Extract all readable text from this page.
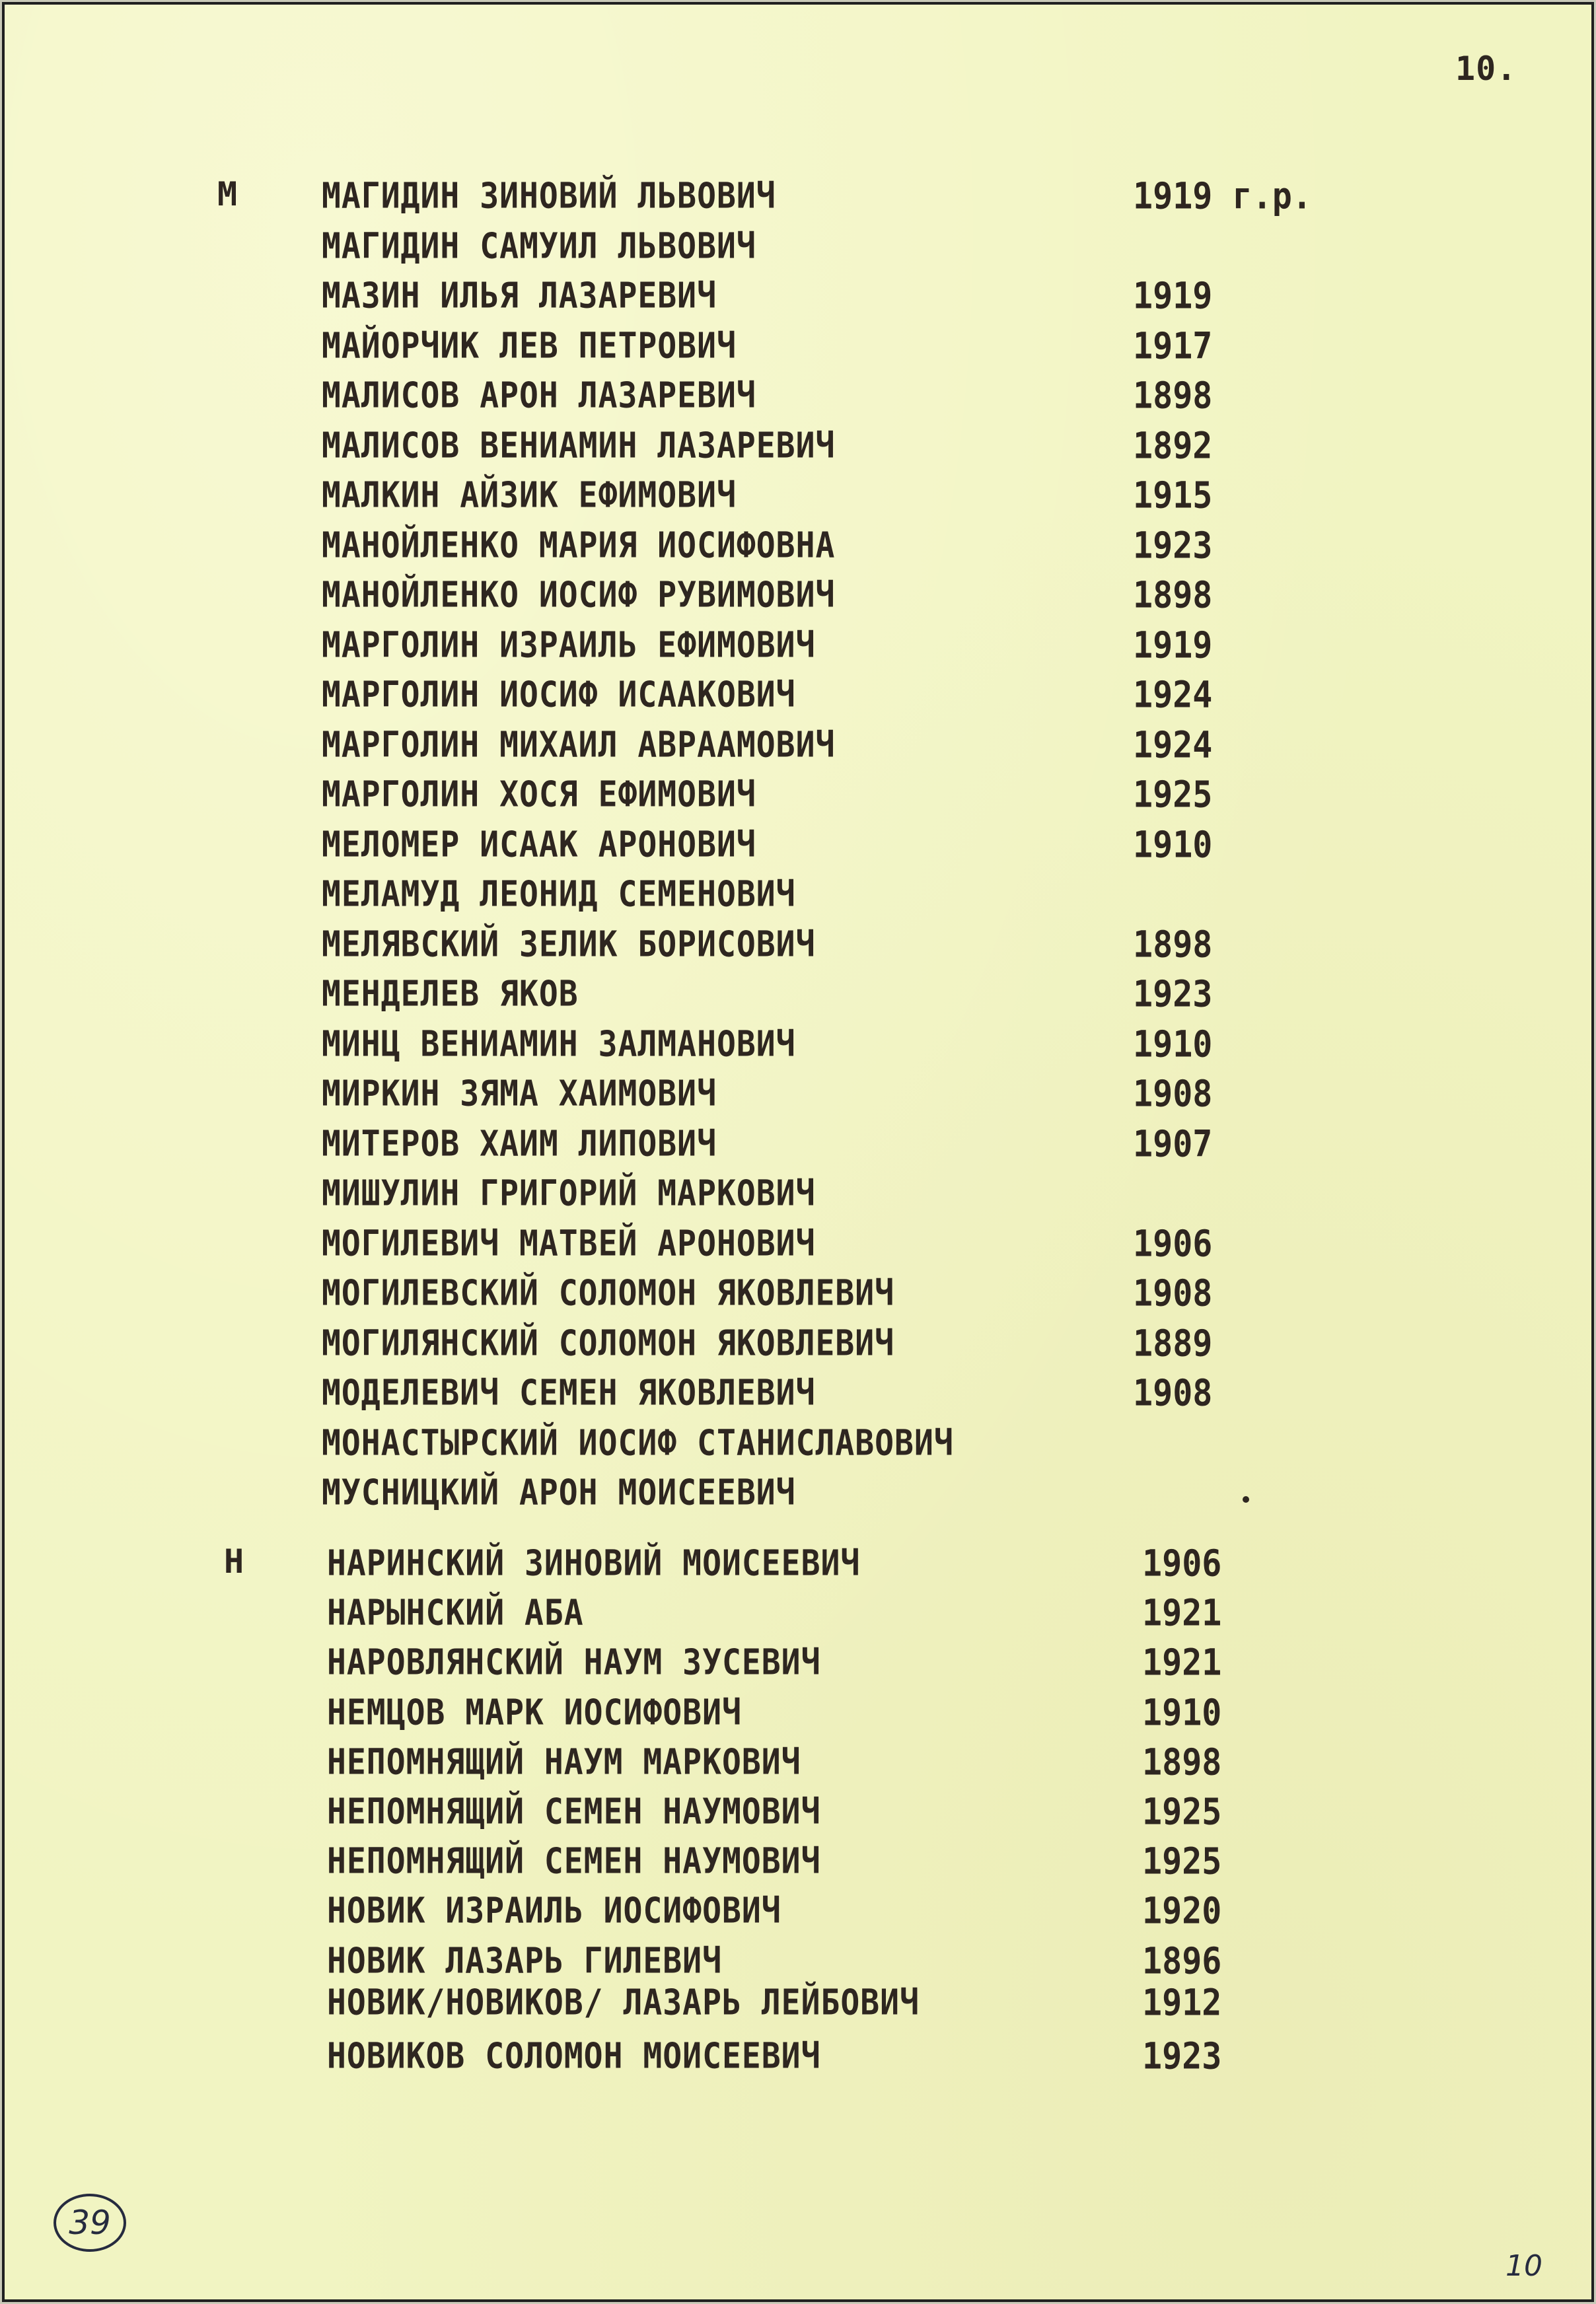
10.
М	МАГИДИН ЗИНОВИЙ ЛЬВОВИЧ	1919 г.р.
МАГИДИН САМУИЛ ЛЬВОВИЧ
МАЗИН ИЛЬЯ ЛАЗАРЕВИЧ	1919
МАЙОРЧИК ЛЕВ ПЕТРОВИЧ	1917
МАЛИСОВ АРОН ЛАЗАРЕВИЧ	1898
МАЛИСОВ ВЕНИАМИН ЛАЗАРЕВИЧ	1892
МАЛКИН АЙЗИК ЕФИМОВИЧ	1915
МАНОЙЛЕНКО МАРИЯ ИОСИФОВНА	1923
МАНОЙЛЕНКО ИОСИФ РУВИМОВИЧ	1898
МАРГОЛИН ИЗРАИЛЬ ЕФИМОВИЧ	1919
МАРГОЛИН ИОСИФ ИСААКОВИЧ	1924
МАРГОЛИН МИХАИЛ АВРААМОВИЧ	1924
МАРГОЛИН ХОСЯ ЕФИМОВИЧ	1925
МЕЛОМЕР ИСААК АРОНОВИЧ	1910
МЕЛАМУД ЛЕОНИД СЕМЕНОВИЧ
МЕЛЯВСКИЙ ЗЕЛИК БОРИСОВИЧ	1898
МЕНДЕЛЕВ ЯКОВ	1923
МИНЦ ВЕНИАМИН ЗАЛМАНОВИЧ	1910
МИРКИН ЗЯМА ХАИМОВИЧ	1908
МИТЕРОВ ХАИМ ЛИПОВИЧ	1907
МИШУЛИН ГРИГОРИЙ МАРКОВИЧ
МОГИЛЕВИЧ МАТВЕЙ АРОНОВИЧ	1906
МОГИЛЕВСКИЙ СОЛОМОН ЯКОВЛЕВИЧ	1908
МОГИЛЯНСКИЙ СОЛОМОН ЯКОВЛЕВИЧ	1889
МОДЕЛЕВИЧ СЕМЕН ЯКОВЛЕВИЧ	1908
МОНАСТЫРСКИЙ ИОСИФ СТАНИСЛАВОВИЧ
МУСНИЦКИЙ АРОН МОИСЕЕВИЧ
Н	НАРИНСКИЙ ЗИНОВИЙ МОИСЕЕВИЧ	1906
НАРЫНСКИЙ АБА	1921
НАРОВЛЯНСКИЙ НАУМ ЗУСЕВИЧ	1921
НЕМЦОВ МАРК ИОСИФОВИЧ	1910
НЕПОМНЯЩИЙ НАУМ МАРКОВИЧ	1898
НЕПОМНЯЩИЙ СЕМЕН НАУМОВИЧ	1925
НЕПОМНЯЩИЙ СЕМЕН НАУМОВИЧ	1925
НОВИК ИЗРАИЛЬ ИОСИФОВИЧ	1920
НОВИК ЛАЗАРЬ ГИЛЕВИЧ	1896
НОВИК/НОВИКОВ/ ЛАЗАРЬ ЛЕЙБОВИЧ	1912
НОВИКОВ СОЛОМОН МОИСЕЕВИЧ	1923
39
10
